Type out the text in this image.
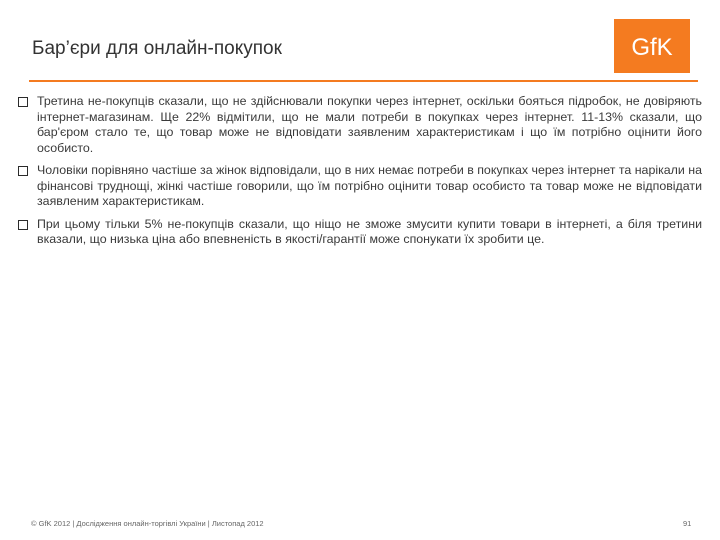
Бар’єри для онлайн-покупок	GfK
Третина не-покупців сказали, що не здійснювали покупки через інтернет, оскільки бояться підробок, не довіряють інтернет-магазинам. Ще 22% відмітили, що не мали потреби в покупках через інтернет. 11-13% сказали, що бар'єром стало те, що товар може не відповідати заявленим характеристикам і що їм потрібно оцінити його особисто.
Чоловіки порівняно частіше за жінок відповідали, що в них немає потреби в покупках через інтернет та нарікали на фінансові труднощі, жінкі частіше говорили, що їм потрібно оцінити товар особисто та товар може не відповідати заявленим характеристикам.
При цьому тільки 5% не-покупців сказали, що ніщо не зможе змусити купити товари в інтернеті, а біля третини вказали, що низька ціна або впевненість в якості/гарантії може спонукати їх зробити це.
© GfK 2012 | Дослідження онлайн-торгівлі України | Листопад 2012	91
